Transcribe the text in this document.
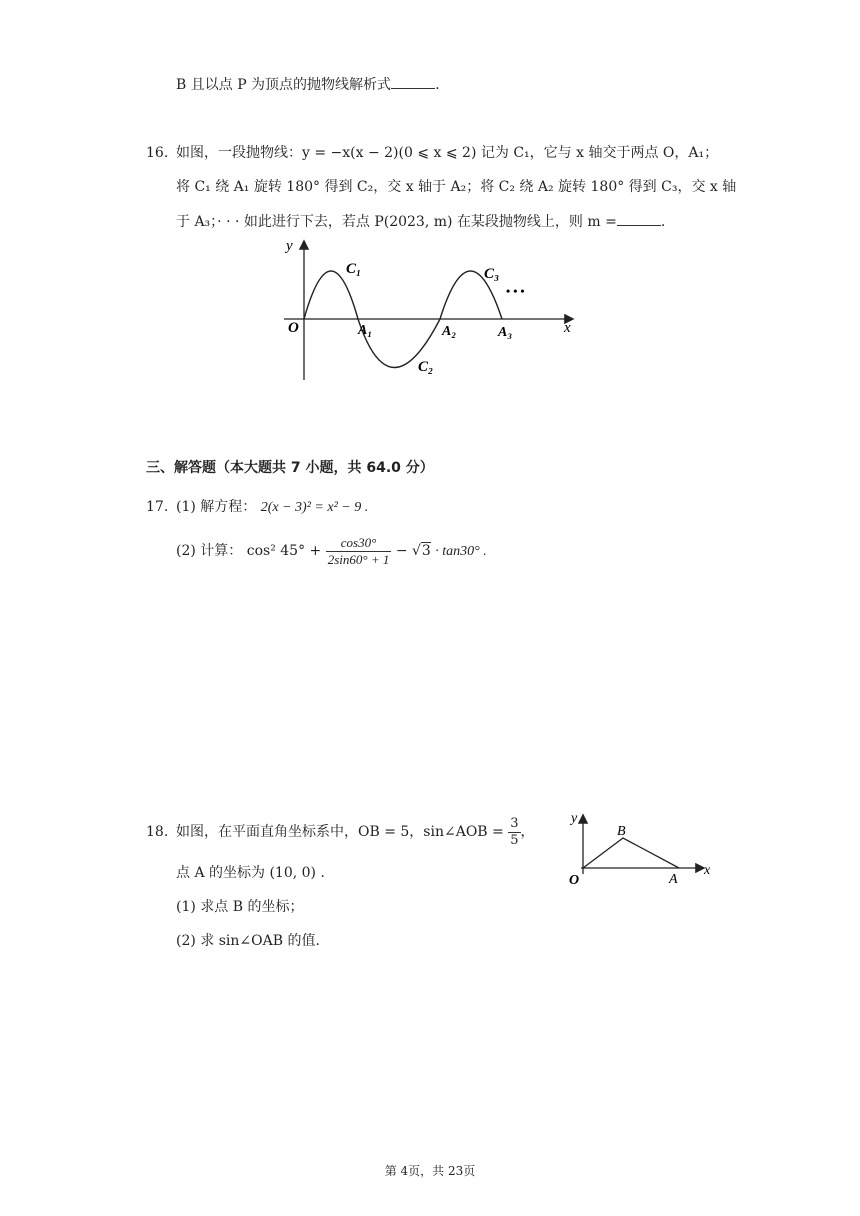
B 且以点 P 为顶点的抛物线解析式	.
16. 如图，一段抛物线：y = −x(x − 2)(0 ⩽ x ⩽ 2) 记为 C₁，它与 x 轴交于两点 O，A₁；
将 C₁ 绕 A₁ 旋转 180° 得到 C₂，交 x 轴于 A₂；将 C₂ 绕 A₂ 旋转 180° 得到 C₃，交 x 轴
于 A₃；· · · 如此进行下去，若点 P(2023, m) 在某段抛物线上，则 m =	.
y
x
O
C₁
C₂
C₃
A₁	A₂	A₃
• • •
三、解答题（本大题共 7 小题，共 64.0 分）
17. (1) 解方程： 2(x − 3)² = x² − 9 .
(2) 计算： cos² $45^\circ + \frac{\cos 30^\circ}{2\sin 60^\circ + 1} - √3 \cdot \tan 30^\circ$ .
18. 如图，在平面直角坐标系中，OB = 5，sin∠AOB = $\frac{3}{5}$ ，
点 A 的坐标为 (10, 0) .
(1) 求点 B 的坐标；
(2) 求 sin∠OAB 的值.
y
x
O	A
B
第 4页，共 23页
